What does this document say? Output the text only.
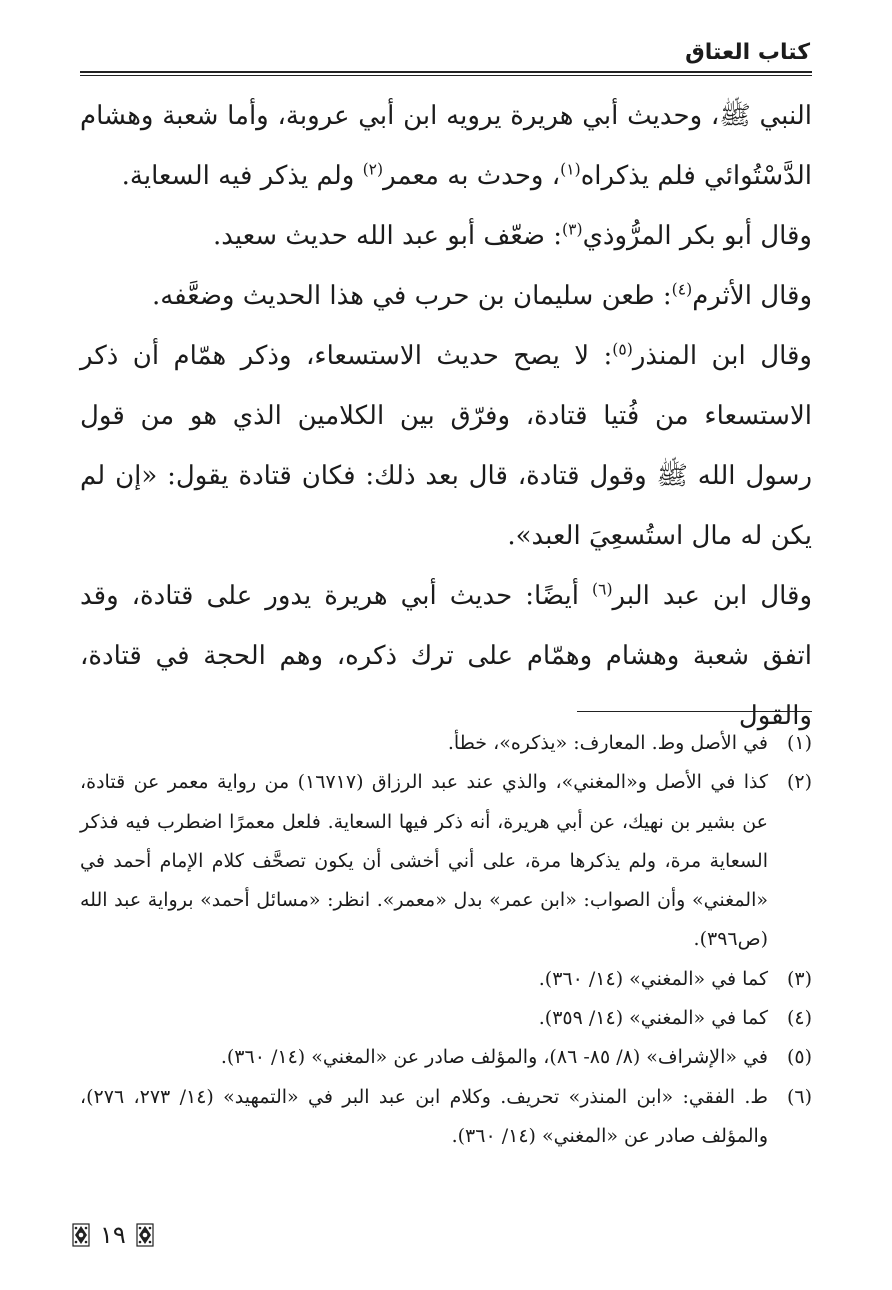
كتاب العتاق

النبي ﷺ، وحديث أبي هريرة يرويه ابن أبي عروبة، وأما شعبة وهشام الدَّسْتُوائي فلم يذكراه$^{(١)}$، وحدث به معمر$^{(٢)}$ ولم يذكر فيه السعاية.

وقال أبو بكر المرُّوذي$^{(٣)}$: ضعّف أبو عبد الله حديث سعيد.

وقال الأثرم$^{(٤)}$: طعن سليمان بن حرب في هذا الحديث وضعَّفه.

وقال ابن المنذر$^{(٥)}$: لا يصح حديث الاستسعاء، وذكر همّام أن ذكر الاستسعاء من فُتيا قتادة، وفرّق بين الكلامين الذي هو من قول رسول الله ﷺ وقول قتادة، قال بعد ذلك: فكان قتادة يقول: «إن لم يكن له مال استُسعِيَ العبد».

وقال ابن عبد البر$^{(٦)}$ أيضًا: حديث أبي هريرة يدور على قتادة، وقد اتفق شعبة وهشام وهمّام على ترك ذكره، وهم الحجة في قتادة، والقول

(١)
في الأصل وط. المعارف: «يذكره»، خطأ.
(٢)
كذا في الأصل و«المغني»، والذي عند عبد الرزاق (١٦٧١٧) من رواية معمر عن قتادة، عن بشير بن نهيك، عن أبي هريرة، أنه ذكر فيها السعاية. فلعل معمرًا اضطرب فيه فذكر السعاية مرة، ولم يذكرها مرة، على أني أخشى أن يكون تصحَّف كلام الإمام أحمد في «المغني» وأن الصواب: «ابن عمر» بدل «معمر». انظر: «مسائل أحمد» برواية عبد الله (ص٣٩٦).
(٣)
كما في «المغني» (١٤/ ٣٦٠).
(٤)
كما في «المغني» (١٤/ ٣٥٩).
(٥)
في «الإشراف» (٨/ ٨٥- ٨٦)، والمؤلف صادر عن «المغني» (١٤/ ٣٦٠).
(٦)
ط. الفقي: «ابن المنذر» تحريف. وكلام ابن عبد البر في «التمهيد» (١٤/ ٢٧٣، ٢٧٦)، والمؤلف صادر عن «المغني» (١٤/ ٣٦٠).
١٩
